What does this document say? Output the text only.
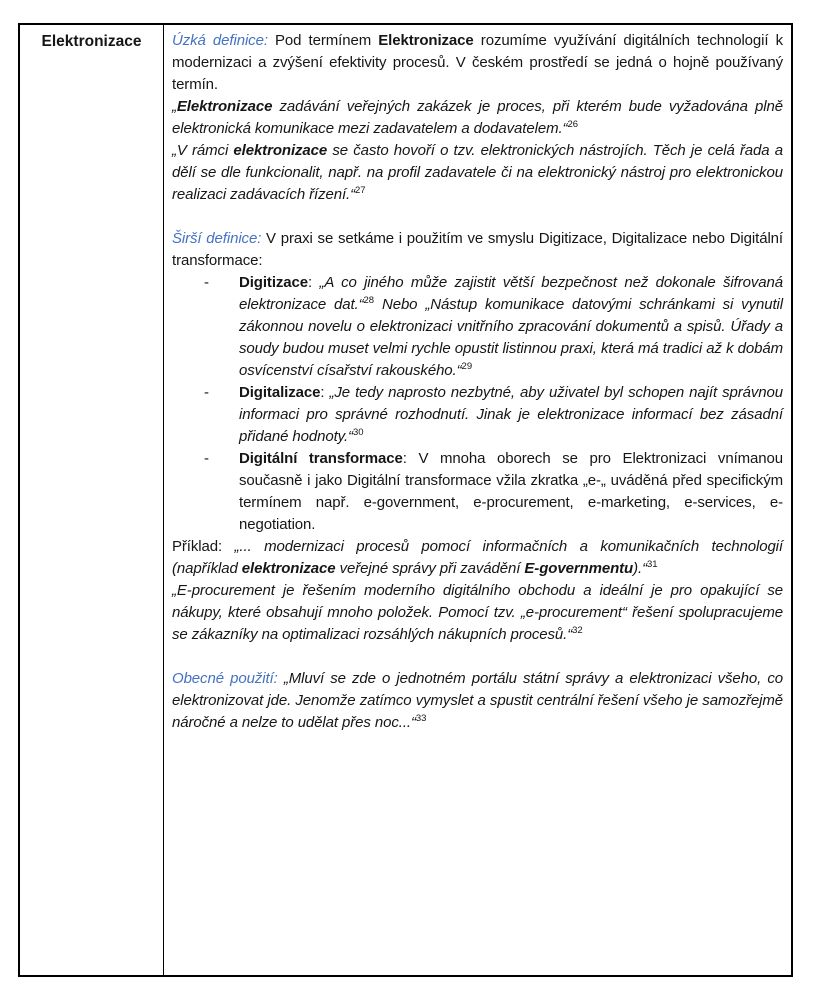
Elektronizace	Úzká definice: Pod termínem Elektronizace rozumíme využívání digitálních technologií k modernizaci a zvýšení efektivity procesů. V českém prostředí se jedná o hojně používaný termín.
„Elektronizace zadávání veřejných zakázek je proces, při kterém bude vyžadována plně elektronická komunikace mezi zadavatelem a dodavatelem.“$^{26}$
„V rámci elektronizace se často hovoří o tzv. elektronických nástrojích. Těch je celá řada a dělí se dle funkcionalit, např. na profil zadavatele či na elektronický nástroj pro elektronickou realizaci zadávacích řízení.“$^{27}$
Širší definice: V praxi se setkáme i použitím ve smyslu Digitizace, Digitalizace nebo Digitální transformace:
- Digitizace: „A co jiného může zajistit větší bezpečnost než dokonale šifrovaná elektronizace dat.“$^{28}$ Nebo „Nástup komunikace datovými schránkami si vynutil zákonnou novelu o elektronizaci vnitřního zpracování dokumentů a spisů. Úřady a soudy budou muset velmi rychle opustit listinnou praxi, která má tradici až k dobám osvícenství císařství rakouského.“$^{29}$
- Digitalizace: „Je tedy naprosto nezbytné, aby uživatel byl schopen najít správnou informaci pro správné rozhodnutí. Jinak je elektronizace informací bez zásadní přidané hodnoty.“$^{30}$
- Digitální transformace: V mnoha oborech se pro Elektronizaci vnímanou současně i jako Digitální transformace vžila zkratka „e-„ uváděná před specifickým termínem např. e-government, e-procurement, e-marketing, e-services, e-negotiation.
Příklad: „... modernizaci procesů pomocí informačních a komunikačních technologií (například elektronizace veřejné správy při zavádění E-governmentu).“$^{31}$
„E-procurement je řešením moderního digitálního obchodu a ideální je pro opakující se nákupy, které obsahují mnoho položek. Pomocí tzv. „e-procurement“ řešení spolupracujeme se zákazníky na optimalizaci rozsáhlých nákupních procesů.“$^{32}$
Obecné použití: „Mluví se zde o jednotném portálu státní správy a elektronizaci všeho, co elektronizovat jde. Jenomže zatímco vymyslet a spustit centrální řešení všeho je samozřejmě náročné a nelze to udělat přes noc...“$^{33}$
